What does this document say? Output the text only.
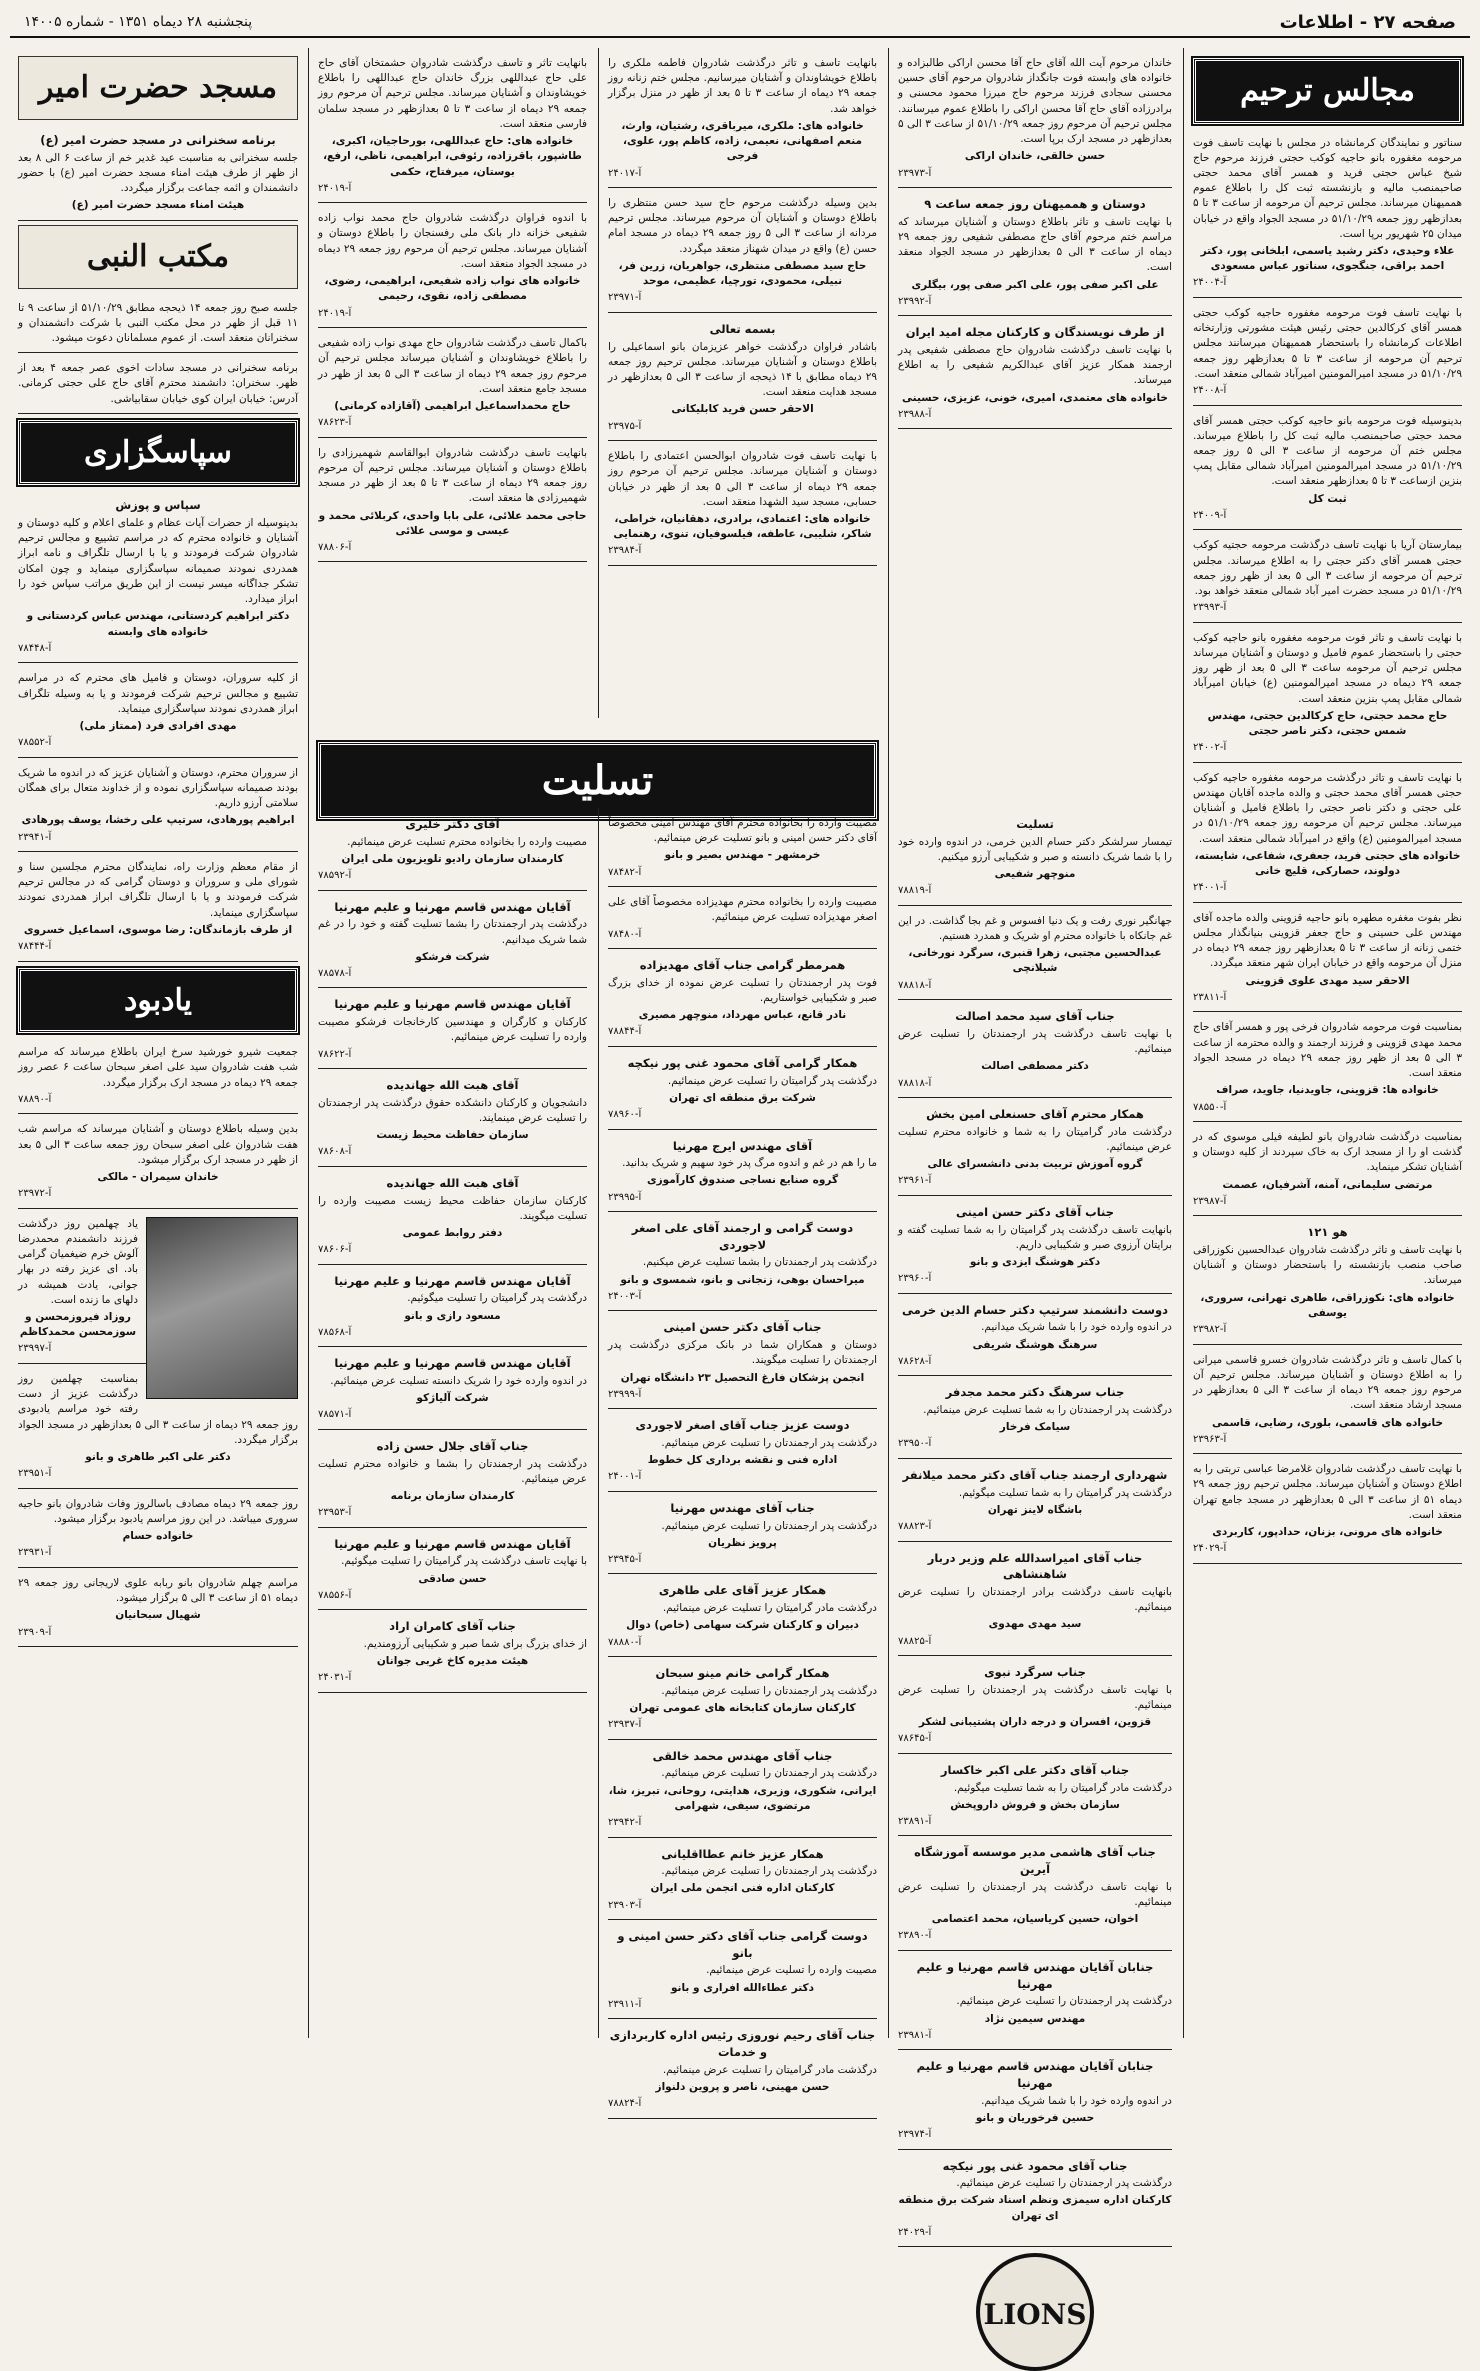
صفحه ۲۷ - اطلاعات
پنجشنبه ۲۸ دیماه ۱۳۵۱ - شماره ۱۴۰۰۵
مجالس ترحیم

سناتور و نمایندگان کرمانشاه در مجلس با نهایت تاسف فوت مرحومه مغفوره بانو حاجیه کوکب حجتی فرزند مرحوم حاج شیخ عباس حجتی فرید و همسر آقای محمد حجتی صاحبمنصب مالیه و بازنشسته ثبت کل را باطلاع عموم هممیهنان میرساند. مجلس ترحیم آن مرحومه از ساعت ۳ تا ۵ بعدازظهر روز جمعه ۵۱/۱۰/۲۹ در مسجد الجواد واقع در خیابان میدان ۲۵ شهریور برپا است.

علاء وحیدی، دکتر رشید یاسمی، ابلخانی پور، دکتر احمد براقی، جنگجوی، سناتور عباس مسعودی
آ-۲۴۰۰۴

با نهایت تاسف فوت مرحومه مغفوره حاجیه کوکب حجتی همسر آقای کرکالدین حجتی رئیس هیئت مشورتی وزارتخانه اطلاعات کرمانشاه را باستحضار هممیهنان میرسانند مجلس ترحیم آن مرحومه از ساعت ۳ تا ۵ بعدازظهر روز جمعه ۵۱/۱۰/۲۹ در مسجد امیرالمومنین امیرآباد شمالی منعقد است.

آ-۲۴۰۰۸

بدینوسیله فوت مرحومه بانو حاجیه کوکب حجتی همسر آقای محمد حجتی صاحبمنصب مالیه ثبت کل را باطلاع میرساند. مجلس ختم آن مرحومه از ساعت ۳ الی ۵ روز جمعه ۵۱/۱۰/۲۹ در مسجد امیرالمومنین امیرآباد شمالی مقابل پمپ بنزین ازساعت ۳ تا ۵ بعدازظهر منعقد است.

ثبت کل
آ-۲۴۰۰۹

بیمارستان آریا با نهایت تاسف درگذشت مرحومه حجتیه کوکب حجتی همسر آقای دکتر حجتی را به اطلاع میرساند. مجلس ترحیم آن مرحومه از ساعت ۳ الی ۵ بعد از ظهر روز جمعه ۵۱/۱۰/۲۹ در مسجد حضرت امیر آباد شمالی منعقد خواهد بود.

آ-۲۳۹۹۳

با نهایت تاسف و تاثر فوت مرحومه مغفوره بانو حاجیه کوکب حجتی را باستحضار عموم فامیل و دوستان و آشنایان میرساند مجلس ترحیم آن مرحومه ساعت ۳ الی ۵ بعد از ظهر روز جمعه ۲۹ دیماه در مسجد امیرالمومنین (ع) خیابان امیرآباد شمالی مقابل پمپ بنزین منعقد است.

حاج محمد حجتی، حاج کرکالدین حجتی، مهندس شمس حجتی، دکتر ناصر حجتی
آ-۲۴۰۰۲

با نهایت تاسف و تاثر درگذشت مرحومه مغفوره حاجیه کوکب حجتی همسر آقای محمد حجتی و والده ماجده آقایان مهندس علی حجتی و دکتر ناصر حجتی را باطلاع فامیل و آشنایان میرساند. مجلس ترحیم آن مرحومه روز جمعه ۵۱/۱۰/۲۹ در مسجد امیرالمومنین (ع) واقع در امیرآباد شمالی منعقد است.

خانواده های حجتی فرید، جعفری، شفاعی، شایسته، دولوند، حصارکی، قلیچ خانی
آ-۲۴۰۰۱

نظر بفوت مغفره مطهره بانو حاجیه قزوینی والده ماجده آقای مهندس علی حسینی و حاج جعفر قزوینی بنیانگذار مجلس ختمی زنانه از ساعت ۳ تا ۵ بعدازظهر روز جمعه ۲۹ دیماه در منزل آن مرحومه واقع در خیابان ایران شهر منعقد میگردد.

الاحقر سید مهدی علوی قزوینی
آ-۲۳۸۱۱

بمناسبت فوت مرحومه شادروان فرخی پور و همسر آقای حاج محمد مهدی قزوینی و فرزند ارجمند و والده محترمه از ساعت ۳ الی ۵ بعد از ظهر روز جمعه ۲۹ دیماه در مسجد الجواد منعقد است.

خانواده ها: قزوینی، جاویدنیا، جاوید، صراف
آ-۷۸۵۵۰

بمناسبت درگذشت شادروان بانو لطیفه فیلی موسوی که در گذشت او را از مسجد ارک به خاک سپردند از کلیه دوستان و آشنایان تشکر مینماید.

مرتضی سلیمانی، آمنه، آشرفیان، عصمت
آ-۲۳۹۸۷
هو ۱۲۱

با نهایت تاسف و تاثر درگذشت شادروان عبدالحسین نکوزراقی صاحب منصب بازنشسته را باستحضار دوستان و آشنایان میرساند.

خانواده های: نکوزراقی، طاهری تهرانی، سروری، یوسفی
آ-۲۳۹۸۲

با کمال تاسف و تاثر درگذشت شادروان خسرو قاسمی میرانی را به اطلاع دوستان و آشنایان میرساند. مجلس ترحیم آن مرحوم روز جمعه ۲۹ دیماه از ساعت ۳ الی ۵ بعدازظهر در مسجد ارشاد منعقد است.

خانواده های قاسمی، بلوری، رضایی، قاسمی
آ-۲۳۹۶۳

با نهایت تاسف درگذشت شادروان غلامرضا عباسی تربتی را به اطلاع دوستان و آشنایان میرساند. مجلس ترحیم روز جمعه ۲۹ دیماه ۵۱ از ساعت ۳ الی ۵ بعدازظهر در مسجد جامع تهران منعقد است.

خانواده های مرونی، بزنان، حدادپور، کاربردی
آ-۲۴۰۲۹

خاندان مرحوم آیت الله آقای حاج آقا محسن اراکی طالبزاده و خانواده های وابسته فوت جانگداز شادروان مرحوم آقای حسین محسنی سجادی فرزند مرحوم حاج میرزا محمود محسنی و برادرزاده آقای حاج آقا محسن اراکی را باطلاع عموم میرسانند. مجلس ترحیم آن مرحوم روز جمعه ۵۱/۱۰/۲۹ از ساعت ۳ الی ۵ بعدازظهر در مسجد ارک برپا است.

حسن خالقی، خاندان اراکی
آ-۲۳۹۷۳
دوستان و هممیهنان روز جمعه ساعت ۹

با نهایت تاسف و تاثر باطلاع دوستان و آشنایان میرساند که مراسم ختم مرحوم آقای حاج مصطفی شفیعی روز جمعه ۲۹ دیماه از ساعت ۳ الی ۵ بعدازظهر در مسجد الجواد منعقد است.

علی اکبر صفی پور، علی اکبر صفی پور، بیگلری
آ-۲۳۹۹۲
از طرف نویسندگان و کارکنان مجله امید ایران

با نهایت تاسف درگذشت شادروان حاج مصطفی شفیعی پدر ارجمند همکار عزیز آقای عبدالکریم شفیعی را به اطلاع میرساند.

خانواده های معتمدی، امیری، خونی، عزیزی، حسینی
آ-۲۳۹۸۸

بانهایت تاسف و تاثر درگذشت شادروان فاطمه ملکری را باطلاع خویشاوندان و آشنایان میرسانیم. مجلس ختم زنانه روز جمعه ۲۹ دیماه از ساعت ۳ تا ۵ بعد از ظهر در منزل برگزار خواهد شد.

خانواده های: ملکری، میرباقری، رشتیان، وارث، منعم اصفهانی، نعیمی، زاده، کاظم پور، علوی، فرجی
آ-۲۴۰۱۷

بدین وسیله درگذشت مرحوم حاج سید حسن منتظری را باطلاع دوستان و آشنایان آن مرحوم میرساند. مجلس ترحیم مردانه از ساعت ۳ الی ۵ روز جمعه ۲۹ دیماه در مسجد امام حسن (ع) واقع در میدان شهناز منعقد میگردد.

حاج سید مصطفی منتظری، جواهریان، زرین فر، نبیلی، محمودی، تورچیا، عظیمی، موحد
آ-۲۳۹۷۱
بسمه تعالی

باشادر فراوان درگذشت خواهر عزیزمان بانو اسماعیلی را باطلاع دوستان و آشنایان میرساند. مجلس ترحیم روز جمعه ۲۹ دیماه مطابق با ۱۴ ذیحجه از ساعت ۳ الی ۵ بعدازظهر در مسجد هدایت منعقد است.

الاحقر حسن فرید کابلیکانی
آ-۲۳۹۷۵

با نهایت تاسف فوت شادروان ابوالحسن اعتمادی را باطلاع دوستان و آشنایان میرساند. مجلس ترحیم آن مرحوم روز جمعه ۲۹ دیماه از ساعت ۳ الی ۵ بعد از ظهر در خیابان حسابی، مسجد سید الشهدا منعقد است.

خانواده های: اعتمادی، برادری، دهقانیان، خراطی، شاکر، شلیبی، عاطفه، فیلسوفیان، تنوی، رهنمایی
آ-۲۳۹۸۴

بانهایت تاثر و تاسف درگذشت شادروان حشمتخان آقای حاج علی حاج عبداللهی بزرگ خاندان حاج عبداللهی را باطلاع خویشاوندان و آشنایان میرساند. مجلس ترحیم آن مرحوم روز جمعه ۲۹ دیماه از ساعت ۳ تا ۵ بعدازظهر در مسجد سلمان فارسی منعقد است.

خانواده های: حاج عبداللهی، بورحاجیان، اکبری، طاشپور، باقرزاده، رئوفی، ابراهیمی، ناظی، ارفع، بوستان، میرفتاح، حکمی
آ-۲۴۰۱۹

با اندوه فراوان درگذشت شادروان حاج محمد نواب زاده شفیعی خزانه دار بانک ملی رفسنجان را باطلاع دوستان و آشنایان میرساند. مجلس ترحیم آن مرحوم روز جمعه ۲۹ دیماه در مسجد الجواد منعقد است.

خانواده های نواب زاده شفیعی، ابراهیمی، رضوی، مصطفی زاده، نقوی، رحیمی
آ-۲۴۰۱۹

باکمال تاسف درگذشت شادروان حاج مهدی نواب زاده شفیعی را باطلاع خویشاوندان و آشنایان میرساند مجلس ترحیم آن مرحوم روز جمعه ۲۹ دیماه از ساعت ۳ الی ۵ بعد از ظهر در مسجد جامع منعقد است.

حاج محمداسماعیل ابراهیمی (آقازاده کرمانی)
آ-۷۸۶۲۳

بانهایت تاسف درگذشت شادروان ابوالقاسم شهمیرزادی را باطلاع دوستان و آشنایان میرساند. مجلس ترحیم آن مرحوم روز جمعه ۲۹ دیماه از ساعت ۳ تا ۵ بعد از ظهر در مسجد شهمیرزادی ها منعقد است.

حاجی محمد علائی، علی بابا واحدی، کربلائی محمد و عیسی و موسی علائی
آ-۷۸۸۰۶
تسلیت
تسلیت

تیمسار سرلشکر دکتر حسام الدین خرمی، در اندوه وارده خود را با شما شریک دانسته و صبر و شکیبایی آرزو میکنیم.

منوچهر شفیعی
آ-۷۸۸۱۹

جهانگیر نوری رفت و یک دنیا افسوس و غم بجا گذاشت. در این غم جانکاه با خانواده محترم او شریک و همدرد هستیم.

عبدالحسین مجتبی، زهرا قنبری، سرگرد نورخانی، شیلانچی
آ-۷۸۸۱۸
جناب آقای سید محمد اصالت

با نهایت تاسف درگذشت پدر ارجمندتان را تسلیت عرض مینمائیم.

دکتر مصطفی اصالت
آ-۷۸۸۱۸
همکار محترم آقای حسنعلی امین بخش

درگذشت مادر گرامیتان را به شما و خانواده محترم تسلیت عرض مینمائیم.

گروه آموزش تربیت بدنی دانشسرای عالی
آ-۲۳۹۶۱
جناب آقای دکتر حسن امینی

بانهایت تاسف درگذشت پدر گرامیتان را به شما تسلیت گفته و برایتان آرزوی صبر و شکیبایی داریم.

دکتر هوشنگ ایزدی و بانو
آ-۲۳۹۶۰
دوست دانشمند سرتیپ دکتر حسام الدین خرمی

در اندوه وارده خود را با شما شریک میدانیم.

سرهنگ هوشنگ شریفی
آ-۷۸۶۲۸
جناب سرهنگ دکتر محمد مجدفر

درگذشت پدر ارجمندتان را به شما تسلیت عرض مینمائیم.

سیامک فرخار
آ-۲۳۹۵۰
شهرداری ارجمند جناب آقای دکتر محمد میلانفر

درگذشت پدر گرامیتان را به شما تسلیت میگوئیم.

باشگاه لاینز تهران
آ-۷۸۸۲۳
جناب آقای امیراسدالله علم وزیر دربار شاهنشاهی

بانهایت تاسف درگذشت برادر ارجمندتان را تسلیت عرض مینمائیم.

سید مهدی مهدوی
آ-۷۸۸۲۵
جناب سرگرد نبوی

با نهایت تاسف درگذشت پدر ارجمندتان را تسلیت عرض مینمائیم.

قزوین، افسران و درجه داران پشتیبانی لشکر
آ-۷۸۶۴۵
جناب آقای دکتر علی اکبر خاکسار

درگذشت مادر گرامیتان را به شما تسلیت میگوئیم.

سازمان بخش و فروش داروپخش
آ-۲۳۸۹۱
جناب آقای هاشمی مدیر موسسه آموزشگاه آیرین

با نهایت تاسف درگذشت پدر ارجمندتان را تسلیت عرض مینمائیم.

اخوان، حسین کریاسیان، محمد اعتصامی
آ-۲۳۸۹۰
جنابان آقایان مهندس قاسم مهرنیا و علیم مهرنیا

درگذشت پدر ارجمندتان را تسلیت عرض مینمائیم.

مهندس سیمین نژاد
آ-۲۳۹۸۱
جنابان آقایان مهندس قاسم مهرنیا و علیم مهرنیا

در اندوه وارده خود را با شما شریک میدانیم.

حسین فرخوریان و بانو
آ-۲۳۹۷۴
جناب آقای محمود غنی پور نیکچه

درگذشت پدر ارجمندتان را تسلیت عرض مینمائیم.

کارکنان اداره سیمزی ونظم اسناد شرکت برق منطقه ای تهران
آ-۲۴۰۲۹
LIONS

مصیبت وارده را بخانواده محترم آقای مهندس امینی مخصوصاً آقای دکتر حسن امینی و بانو تسلیت عرض مینمائیم.

خرمشهر - مهندس بصیر و بانو
آ-۷۸۴۸۲

مصیبت وارده را بخانواده محترم مهدیزاده مخصوصاً آقای علی اصغر مهدیزاده تسلیت عرض مینمائیم.

آ-۷۸۴۸۰
همرمطر گرامی جناب آقای مهدیزاده

فوت پدر ارجمندتان را تسلیت عرض نموده از خدای بزرگ صبر و شکیبایی خواستاریم.

نادر قانع، عباس مهرداد، منوچهر مصیری
آ-۷۸۸۴۴
همکار گرامی آقای محمود غنی پور نیکچه

درگذشت پدر گرامیتان را تسلیت عرض مینمائیم.

شرکت برق منطقه ای تهران
آ-۷۸۹۶۰
آقای مهندس ایرج مهرنیا

ما را هم در غم و اندوه مرگ پدر خود سهیم و شریک بدانید.

گروه صنایع نساجی صندوق کارآموزی
آ-۲۳۹۹۵
دوست گرامی و ارجمند آقای علی اصغر لاجوردی

درگذشت پدر ارجمندتان را بشما تسلیت عرض میکنیم.

میراحسان بوهی، زنجانی و بانو، شمسوی و بانو
آ-۲۴۰۰۳
جناب آقای دکتر حسن امینی

دوستان و همکاران شما در بانک مرکزی درگذشت پدر ارجمندتان را تسلیت میگویند.

انجمن پزشکان فارغ التحصیل ۲۳ دانشگاه تهران
آ-۲۳۹۹۹
دوست عزیز جناب آقای اصغر لاجوردی

درگذشت پدر ارجمندتان را تسلیت عرض مینمائیم.

اداره فنی و نقشه برداری کل خطوط
آ-۲۴۰۰۱
جناب آقای مهندس مهرنیا

درگذشت پدر ارجمندتان را تسلیت عرض مینمائیم.

پرویز نظریان
آ-۲۳۹۴۵
همکار عزیز آقای علی طاهری

درگذشت مادر گرامیتان را تسلیت عرض مینمائیم.

دبیران و کارکنان شرکت سهامی (خاص) دوال
آ-۷۸۸۸۰
همکار گرامی خانم مینو سبحان

درگذشت پدر ارجمندتان را تسلیت عرض مینمائیم.

کارکنان سازمان کتابخانه های عمومی تهران
آ-۲۳۹۳۷
جناب آقای مهندس محمد خالقی

درگذشت پدر ارجمندتان را تسلیت عرض مینمائیم.

ایرانی، شکوری، وزیری، هدایتی، روحانی، تبریز، شا، مرتضوی، سیفی، شهرامی
آ-۲۳۹۴۲
همکار عزیز خانم عطااقلیانی

درگذشت پدر ارجمندتان را تسلیت عرض مینمائیم.

کارکنان اداره فنی انجمن ملی ایران
آ-۲۳۹۰۳
دوست گرامی جناب آقای دکتر حسن امینی و بانو

مصیبت وارده را تسلیت عرض مینمائیم.

دکتر عطاءالله افراری و بانو
آ-۲۳۹۱۱
جناب آقای رحیم نوروزی رئیس اداره کاربردازی و خدمات

درگذشت مادر گرامیتان را تسلیت عرض مینمائیم.

حسن مهینی، ناصر و پروین دلنواز
آ-۷۸۸۲۴
آقای دکتر خلیری

مصیبت وارده را بخانواده محترم تسلیت عرض مینمائیم.

کارمندان سازمان رادیو تلویزیون ملی ایران
آ-۷۸۵۹۲
آقایان مهندس قاسم مهرنیا و علیم مهرنیا

درگذشت پدر ارجمندتان را بشما تسلیت گفته و خود را در غم شما شریک میدانیم.

شرکت فرشکو
آ-۷۸۵۷۸
آقایان مهندس قاسم مهرنیا و علیم مهرنیا

کارکنان و کارگران و مهندسین کارخانجات فرشکو مصیبت وارده را تسلیت عرض مینمائیم.

آ-۷۸۶۲۲
آقای هبت الله جهاندیده

دانشجویان و کارکنان دانشکده حقوق درگذشت پدر ارجمندتان را تسلیت عرض مینمایند.

سازمان حفاظت محیط زیست
آ-۷۸۶۰۸
آقای هبت الله جهاندیده

کارکنان سازمان حفاظت محیط زیست مصیبت وارده را تسلیت میگویند.

دفتر روابط عمومی
آ-۷۸۶۰۶
آقایان مهندس قاسم مهرنیا و علیم مهرنیا

درگذشت پدر گرامیتان را تسلیت میگوئیم.

مسعود رازی و بانو
آ-۷۸۵۶۸
آقایان مهندس قاسم مهرنیا و علیم مهرنیا

در اندوه وارده خود را شریک دانسته تسلیت عرض مینمائیم.

شرکت آلیاژکو
آ-۷۸۵۷۱
جناب آقای جلال حسن زاده

درگذشت پدر ارجمندتان را بشما و خانواده محترم تسلیت عرض مینمائیم.

کارمندان سازمان برنامه
آ-۲۳۹۵۳
آقایان مهندس قاسم مهرنیا و علیم مهرنیا

با نهایت تاسف درگذشت پدر گرامیتان را تسلیت میگوئیم.

حسن صادقی
آ-۷۸۵۵۶
جناب آقای کامران اراد

از خدای بزرگ برای شما صبر و شکیبایی آرزومندیم.

هیئت مدیره کاخ غربی جوانان
آ-۲۴۰۳۱
مسجد حضرت امیر
برنامه سخنرانی در مسجد حضرت امیر (ع)

جلسه سخنرانی به مناسبت عید غدیر خم از ساعت ۶ الی ۸ بعد از ظهر از طرف هیئت امناء مسجد حضرت امیر (ع) با حضور دانشمندان و ائمه جماعت برگزار میگردد.

هیئت امناء مسجد حضرت امیر (ع)
مکتب النبی

جلسه صبح روز جمعه ۱۴ ذیحجه مطابق ۵۱/۱۰/۲۹ از ساعت ۹ تا ۱۱ قبل از ظهر در محل مکتب النبی با شرکت دانشمندان و سخنرانان منعقد است. از عموم مسلمانان دعوت میشود.

برنامه سخنرانی در مسجد سادات اخوی عصر جمعه ۴ بعد از ظهر. سخنران: دانشمند محترم آقای حاج علی حجتی کرمانی. آدرس: خیابان ایران کوی خیابان سقابیاشی.

سپاسگزاری
سپاس و پوزش

بدینوسیله از حضرات آیات عظام و علمای اعلام و کلیه دوستان و آشنایان و خانواده محترم که در مراسم تشییع و مجالس ترحیم شادروان شرکت فرمودند و یا با ارسال تلگراف و نامه ابراز همدردی نمودند صمیمانه سپاسگزاری مینماید و چون امکان تشکر جداگانه میسر نیست از این طریق مراتب سپاس خود را ابراز میدارد.

دکتر ابراهیم کردستانی، مهندس عباس کردستانی و خانواده های وابسته
آ-۷۸۴۴۸

از کلیه سروران، دوستان و فامیل های محترم که در مراسم تشییع و مجالس ترحیم شرکت فرمودند و یا به وسیله تلگراف ابراز همدردی نمودند سپاسگزاری مینماید.

مهدی افرادی فرد (ممتاز ملی)
آ-۷۸۵۵۲

از سروران محترم، دوستان و آشنایان عزیز که در اندوه ما شریک بودند صمیمانه سپاسگزاری نموده و از خداوند متعال برای همگان سلامتی آرزو داریم.

ابراهیم پورهادی، سرتیپ علی رخشا، یوسف پورهادی
آ-۲۳۹۴۱

از مقام معظم وزارت راه، نمایندگان محترم مجلسین سنا و شورای ملی و سروران و دوستان گرامی که در مجالس ترحیم شرکت فرمودند و یا با ارسال تلگراف ابراز همدردی نمودند سپاسگزاری مینماید.

از طرف بازماندگان: رضا موسوی، اسماعیل خسروی
آ-۷۸۴۴۴
یادبود

جمعیت شیرو خورشید سرخ ایران باطلاع میرساند که مراسم شب هفت شادروان سید علی اصغر سبحان ساعت ۶ عصر روز جمعه ۲۹ دیماه در مسجد ارک برگزار میگردد.

آ-۷۸۸۹۰

بدین وسیله باطلاع دوستان و آشنایان میرساند که مراسم شب هفت شادروان علی اصغر سبحان روز جمعه ساعت ۳ الی ۵ بعد از ظهر در مسجد ارک برگزار میشود.

خاندان سیمران - مالکی
آ-۲۳۹۷۲

یاد چهلمین روز درگذشت فرزند دانشمندم محمدرضا آلوش خرم ضیغمیان گرامی باد. ای عزیز رفته در بهار جوانی، یادت همیشه در دلهای ما زنده است.

روزاد فیروزمحسن و سوزمحسن محمدکاظم
آ-۲۳۹۹۷

بمناسبت چهلمین روز درگذشت عزیز از دست رفته خود مراسم یادبودی روز جمعه ۲۹ دیماه از ساعت ۳ الی ۵ بعدازظهر در مسجد الجواد برگزار میگردد.

دکتر علی اکبر طاهری و بانو
آ-۲۳۹۵۱

روز جمعه ۲۹ دیماه مصادف باسالروز وفات شادروان بانو حاجیه سروری میباشد. در این روز مراسم یادبود برگزار میشود.

خانواده حسام
آ-۲۳۹۳۱

مراسم چهلم شادروان بانو ربابه علوی لاریجانی روز جمعه ۲۹ دیماه ۵۱ از ساعت ۳ الی ۵ برگزار میشود.

شهیال سبحانیان
آ-۲۳۹۰۹
